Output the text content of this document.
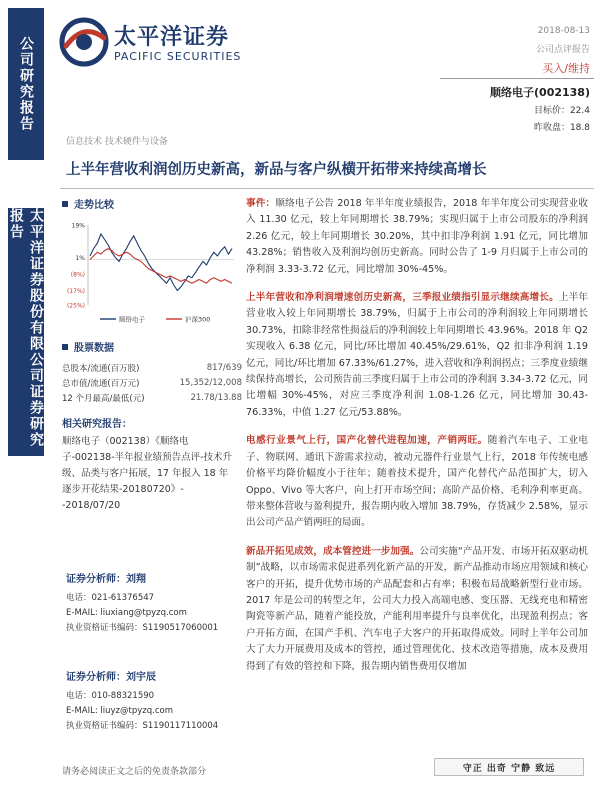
公司研究报告
太平洋证券股份有限公司证券研究报告
太平洋证券
PACIFIC SECURITIES
2018-08-13
公司点评报告
买入/维持
顺络电子(002138)
目标价：22.4
昨收盘：18.8
信息技术 技术硬件与设备
上半年营收利润创历史新高，新品与客户纵横开拓带来持续高增长
走势比较
19%
1%
(8%)
(17%)
(25%)
顺络电子	沪深300
股票数据
总股本/流通(百万股)	817/639
总市值/流通(百万元)	15,352/12,008
12 个月最高/最低(元)	21.78/13.88
相关研究报告：
顺络电子（002138）《顺络电子-002138-半年报业绩预告点评-技术升级、品类与客户拓展，17 年报入 18 年逐步开花结果-20180720》--2018/07/20
证券分析师：刘翔
电话：021-61376547
E-MAIL: liuxiang@tpyzq.com
执业资格证书编码：S1190517060001
证券分析师：刘宇辰
电话：010-88321590
E-MAIL: liuyz@tpyzq.com
执业资格证书编码：S1190117110004
事件：顺络电子公告 2018 年半年度业绩报告，2018 年半年度公司实现营业收入 11.30 亿元，较上年同期增长 38.79%；实现归属于上市公司股东的净利润 2.26 亿元，较上年同期增长 30.20%，其中扣非净利润 1.91 亿元，同比增加 43.28%；销售收入及利润均创历史新高。同时公告了 1-9 月归属于上市公司的净利润 3.33-3.72 亿元，同比增加 30%-45%。
上半年营收和净利润增速创历史新高，三季报业绩指引显示继续高增长。上半年营业收入较上年同期增长 38.79%，归属于上市公司的净利润较上年同期增长 30.73%，扣除非经常性损益后的净利润较上年同期增长 43.96%。2018 年 Q2 实现收入 6.38 亿元，同比/环比增加 40.45%/29.61%，Q2 扣非净利润 1.19 亿元，同比/环比增加 67.33%/61.27%，进入营收和净利润拐点；三季度业绩继续保持高增长，公司预告前三季度归属于上市公司的净利润 3.34-3.72 亿元，同比增幅 30%-45%，对应三季度净利润 1.08-1.26 亿元，同比增加 30.43-76.33%，中值 1.27 亿元/53.88%。
电感行业景气上行，国产化替代进程加速，产销两旺。随着汽车电子、工业电子、物联网、通讯下游需求拉动，被动元器件行业景气上行，2018 年传统电感价格平均降价幅度小于往年；随着技术提升，国产化替代产品范围扩大，切入 Oppo、Vivo 等大客户，向上打开市场空间；高阶产品价格、毛利净利率更高。带来整体营收与盈利提升，报告期内收入增加 38.79%，存货减少 2.58%，显示出公司产品产销两旺的局面。
新品开拓见成效，成本管控进一步加强。公司实施“产品开发、市场开拓双驱动机制”战略，以市场需求促进系列化新产品的开发，新产品推动市场应用领域和核心客户的开拓，提升优势市场的产品配套和占有率；积极布局战略新型行业市场。2017 年是公司的转型之年，公司大力投入高端电感、变压器、无线充电和精密陶瓷等新产品，随着产能投放，产能利用率提升与良率优化，出现盈利拐点；客户开拓方面，在国产手机、汽车电子大客户的开拓取得成效。同时上半年公司加大了大力开展费用及成本的管控，通过管理优化、技术改造等措施，成本及费用得到了有效的管控和下降，报告期内销售费用仅增加
请务必阅读正文之后的免责条款部分	守正 出奇 宁静 致远
